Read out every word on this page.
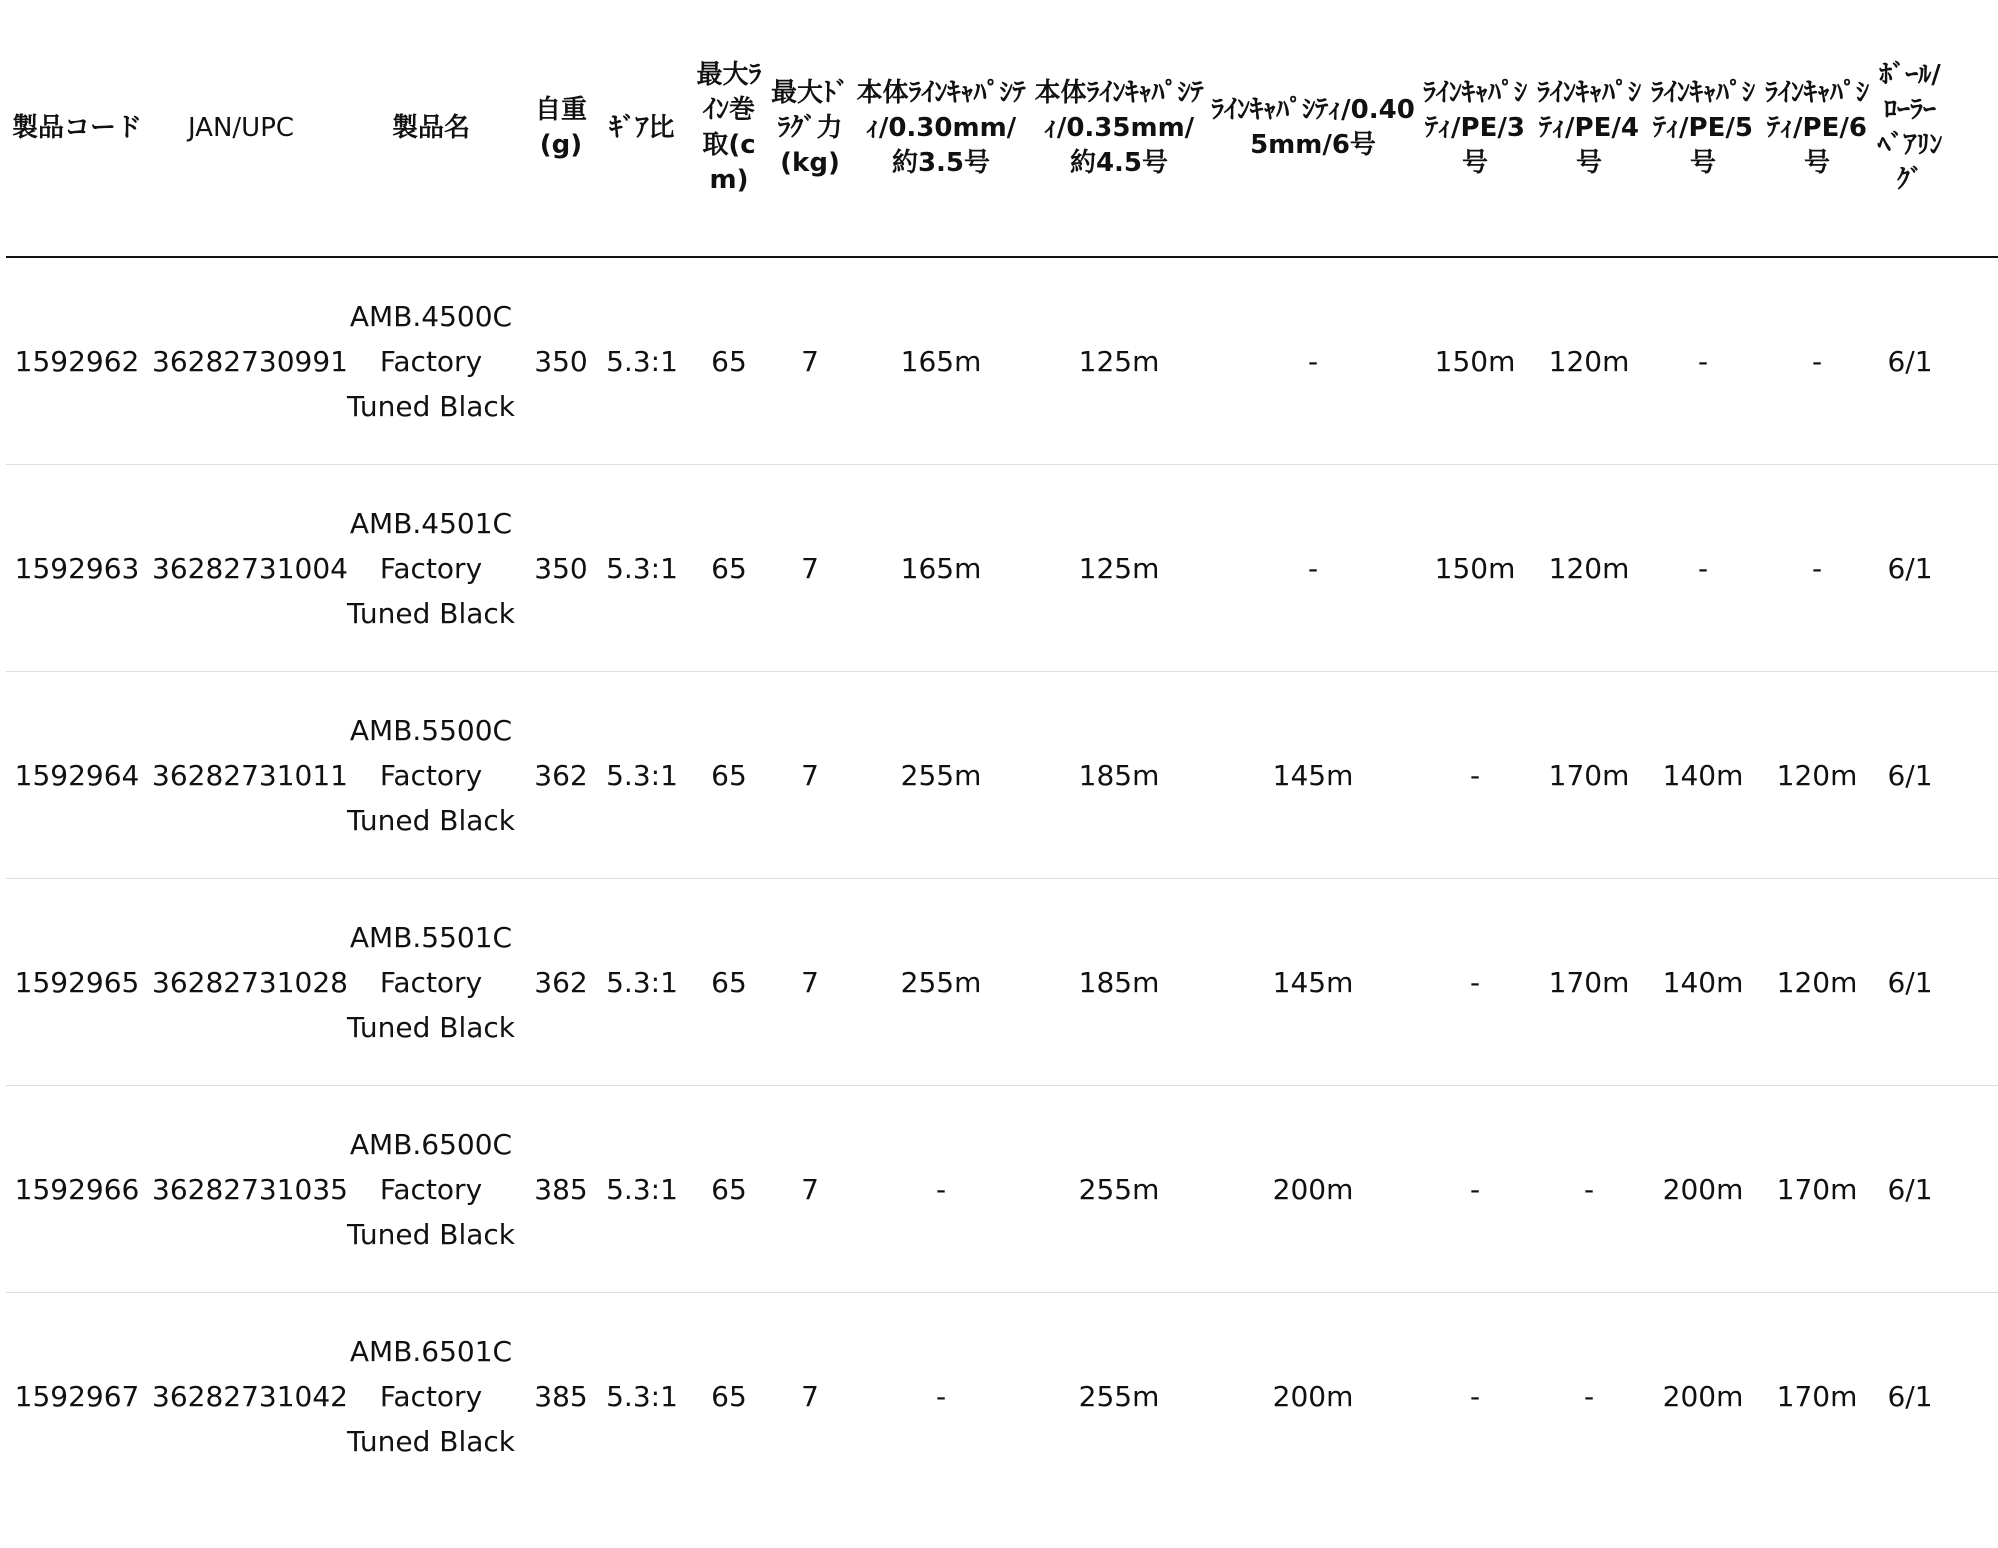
製品コード	JAN/UPC	製品名	自重(g)	ｷﾞｱ比	最大ﾗｲﾝ巻取(cm)	最大ﾄﾞﾗｸﾞ力(kg)	本体ﾗｲﾝｷｬﾊﾟｼﾃｨ/0.30mm/約3.5号	本体ﾗｲﾝｷｬﾊﾟｼﾃｨ/0.35mm/約4.5号	ﾗｲﾝｷｬﾊﾟｼﾃｨ/0.405mm/6号	ﾗｲﾝｷｬﾊﾟｼﾃｨ/PE/3号	ﾗｲﾝｷｬﾊﾟｼﾃｨ/PE/4号	ﾗｲﾝｷｬﾊﾟｼﾃｨ/PE/5号	ﾗｲﾝｷｬﾊﾟｼﾃｨ/PE/6号	ﾎﾞｰﾙ/ﾛｰﾗｰﾍﾞｱﾘﾝｸﾞ	
1592962	36282730991	AMB.4500C Factory Tuned Black	350	5.3:1	65	7	165m	125m	-	150m	120m	-	-	6/1	
1592963	36282731004	AMB.4501C Factory Tuned Black	350	5.3:1	65	7	165m	125m	-	150m	120m	-	-	6/1	
1592964	36282731011	AMB.5500C Factory Tuned Black	362	5.3:1	65	7	255m	185m	145m	-	170m	140m	120m	6/1	
1592965	36282731028	AMB.5501C Factory Tuned Black	362	5.3:1	65	7	255m	185m	145m	-	170m	140m	120m	6/1	
1592966	36282731035	AMB.6500C Factory Tuned Black	385	5.3:1	65	7	-	255m	200m	-	-	200m	170m	6/1	
1592967	36282731042	AMB.6501C Factory Tuned Black	385	5.3:1	65	7	-	255m	200m	-	-	200m	170m	6/1	
